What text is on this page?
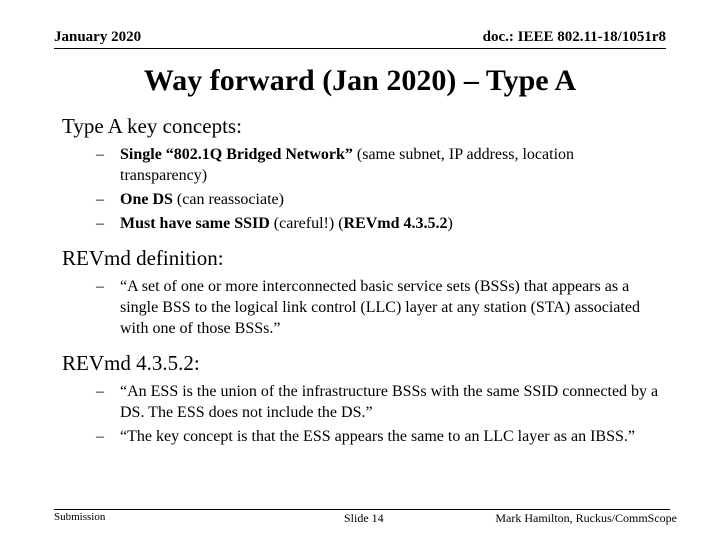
January 2020	doc.: IEEE 802.11-18/1051r8
Way forward (Jan 2020) – Type A

Type A key concepts:

– Single “802.1Q Bridged Network” (same subnet, IP address, location transparency)
– One DS (can reassociate)
– Must have same SSID (careful!) (REVmd 4.3.5.2)

REVmd definition:

– “A set of one or more interconnected basic service sets (BSSs) that appears as a single BSS to the logical link control (LLC) layer at any station (STA) associated with one of those BSSs.”

REVmd 4.3.5.2:

– “An ESS is the union of the infrastructure BSSs with the same SSID connected by a DS. The ESS does not include the DS.”
– “The key concept is that the ESS appears the same to an LLC layer as an IBSS.”
Submission	Slide 14	Mark Hamilton, Ruckus/CommScope
